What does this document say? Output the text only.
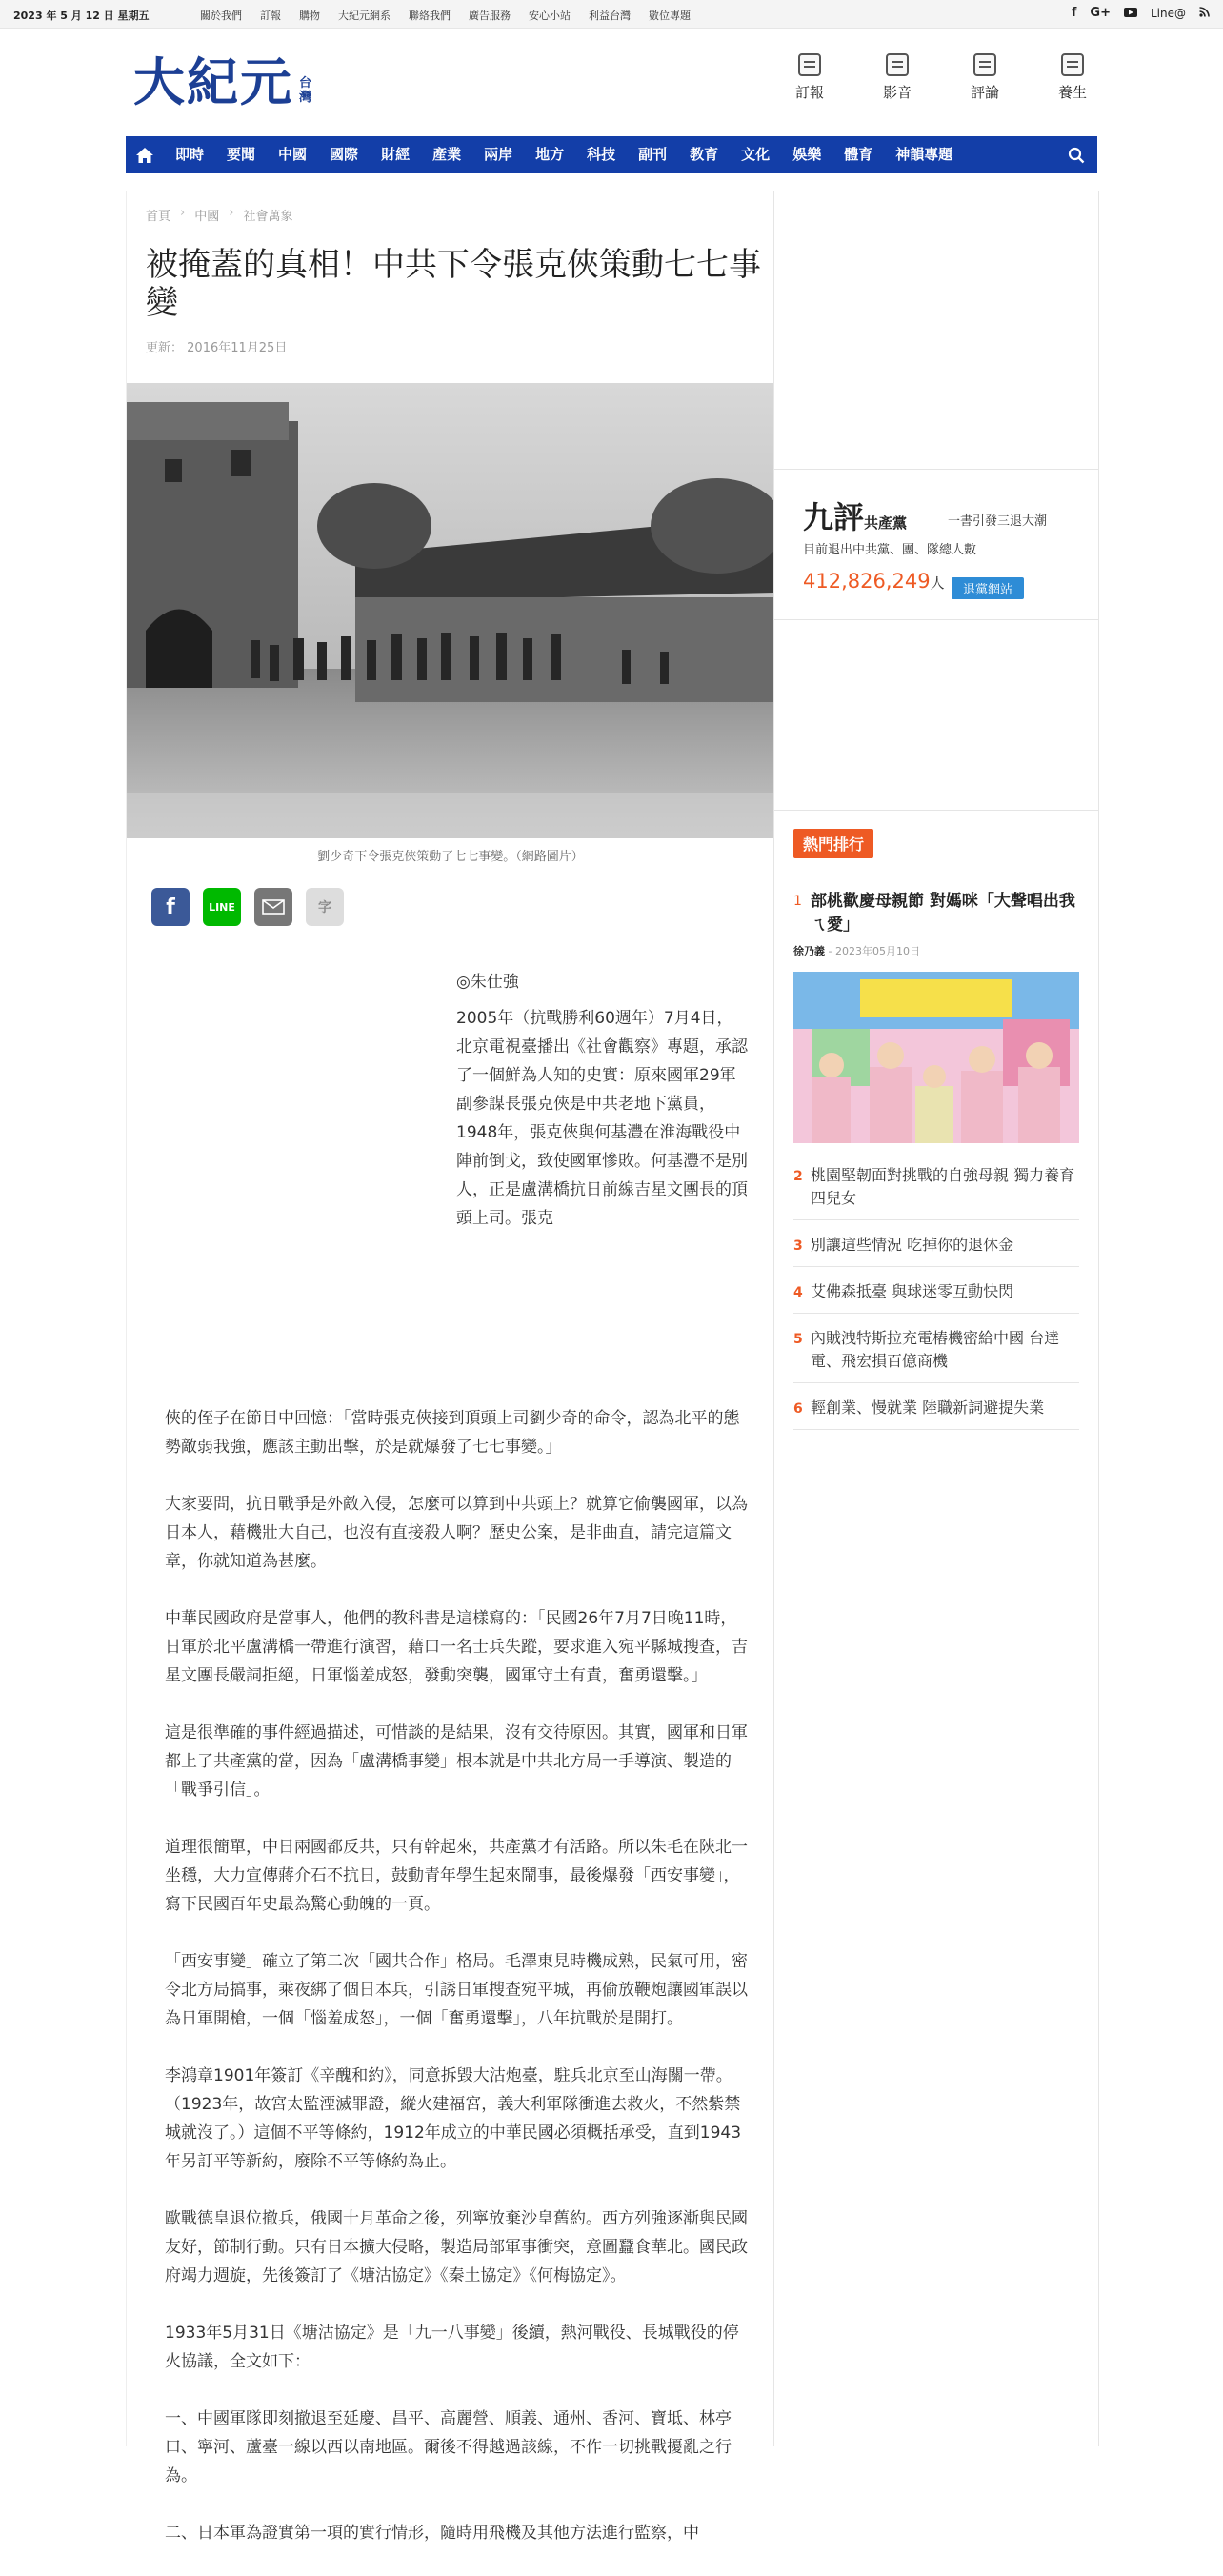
2023 年 5 月 12 日 星期五	關於我們 訂報 購物 大紀元網系 聯絡我們 廣告服務 安心小站 利益台灣 數位專題	f G+	Line@
大紀元 台灣	訂報	影音	評論	養生
即時	要聞	中國	國際	財經	產業	兩岸	地方	科技	副刊	教育	文化	娛樂	體育	神韻專題
首頁 › 中國 › 社會萬象
被掩蓋的真相！中共下令張克俠策動七七事變
更新： 2016年11月25日
劉少奇下令張克俠策動了七七事變。（網路圖片）
f	LINE	字
◎朱仕強
2005年（抗戰勝利60週年）7月4日，北京電視臺播出《社會觀察》專題，承認了一個鮮為人知的史實：原來國軍29軍副參謀長張克俠是中共老地下黨員，1948年，張克俠與何基灃在淮海戰役中陣前倒戈，致使國軍慘敗。何基灃不是別人，正是盧溝橋抗日前線吉星文團長的頂頭上司。張克

俠的侄子在節目中回憶：「當時張克俠接到頂頭上司劉少奇的命令，認為北平的態勢敵弱我強，應該主動出擊，於是就爆發了七七事變。」

大家要問，抗日戰爭是外敵入侵，怎麼可以算到中共頭上？就算它偷襲國軍，以為日本人，藉機壯大自己，也沒有直接殺人啊？歷史公案，是非曲直，請完這篇文章，你就知道為甚麼。

中華民國政府是當事人，他們的教科書是這樣寫的：「民國26年7月7日晚11時，日軍於北平盧溝橋一帶進行演習，藉口一名士兵失蹤，要求進入宛平縣城搜查，吉星文團長嚴詞拒絕，日軍惱羞成怒，發動突襲，國軍守土有責，奮勇還擊。」

這是很準確的事件經過描述，可惜談的是結果，沒有交待原因。其實，國軍和日軍都上了共產黨的當，因為「盧溝橋事變」根本就是中共北方局一手導演、製造的「戰爭引信」。

道理很簡單，中日兩國都反共，只有幹起來，共產黨才有活路。所以朱毛在陝北一坐穩，大力宣傳蔣介石不抗日，鼓動青年學生起來鬧事，最後爆發「西安事變」，寫下民國百年史最為驚心動魄的一頁。

「西安事變」確立了第二次「國共合作」格局。毛澤東見時機成熟，民氣可用，密令北方局搞事，乘夜綁了個日本兵，引誘日軍搜查宛平城，再偷放鞭炮讓國軍誤以為日軍開槍，一個「惱羞成怒」，一個「奮勇還擊」，八年抗戰於是開打。

李鴻章1901年簽訂《辛醜和約》，同意拆毀大沽炮臺，駐兵北京至山海關一帶。（1923年，故宮太監湮滅罪證，縱火建福宮，義大利軍隊衝進去救火，不然紫禁城就沒了。）這個不平等條約，1912年成立的中華民國必須概括承受，直到1943年另訂平等新約，廢除不平等條約為止。

歐戰德皇退位撤兵，俄國十月革命之後，列寧放棄沙皇舊約。西方列強逐漸與民國友好，節制行動。只有日本擴大侵略，製造局部軍事衝突，意圖蠶食華北。國民政府竭力週旋，先後簽訂了《塘沽協定》《秦土協定》《何梅協定》。

1933年5月31日《塘沽協定》是「九一八事變」後續，熱河戰役、長城戰役的停火協議，全文如下：

一、中國軍隊即刻撤退至延慶、昌平、高麗營、順義、通州、香河、寶坻、林亭口、寧河、蘆臺一線以西以南地區。爾後不得越過該線，不作一切挑戰擾亂之行為。

二、日本軍為證實第一項的實行情形，隨時用飛機及其他方法進行監察，中

九評共產黨	一書引發三退大潮
目前退出中共黨、團、隊總人數
412,826,249人	退黨網站
熱門排行
1 部桃歡慶母親節 對媽咪「大聲唱出我ㄟ愛」
徐乃義 - 2023年05月10日
2 桃園堅韌面對挑戰的自強母親 獨力養育四兒女
3 別讓這些情況 吃掉你的退休金
4 艾佛森抵臺 與球迷零互動快閃
5 內賊洩特斯拉充電樁機密給中國 台達電、飛宏損百億商機
6 輕創業、慢就業 陸職新詞避提失業
